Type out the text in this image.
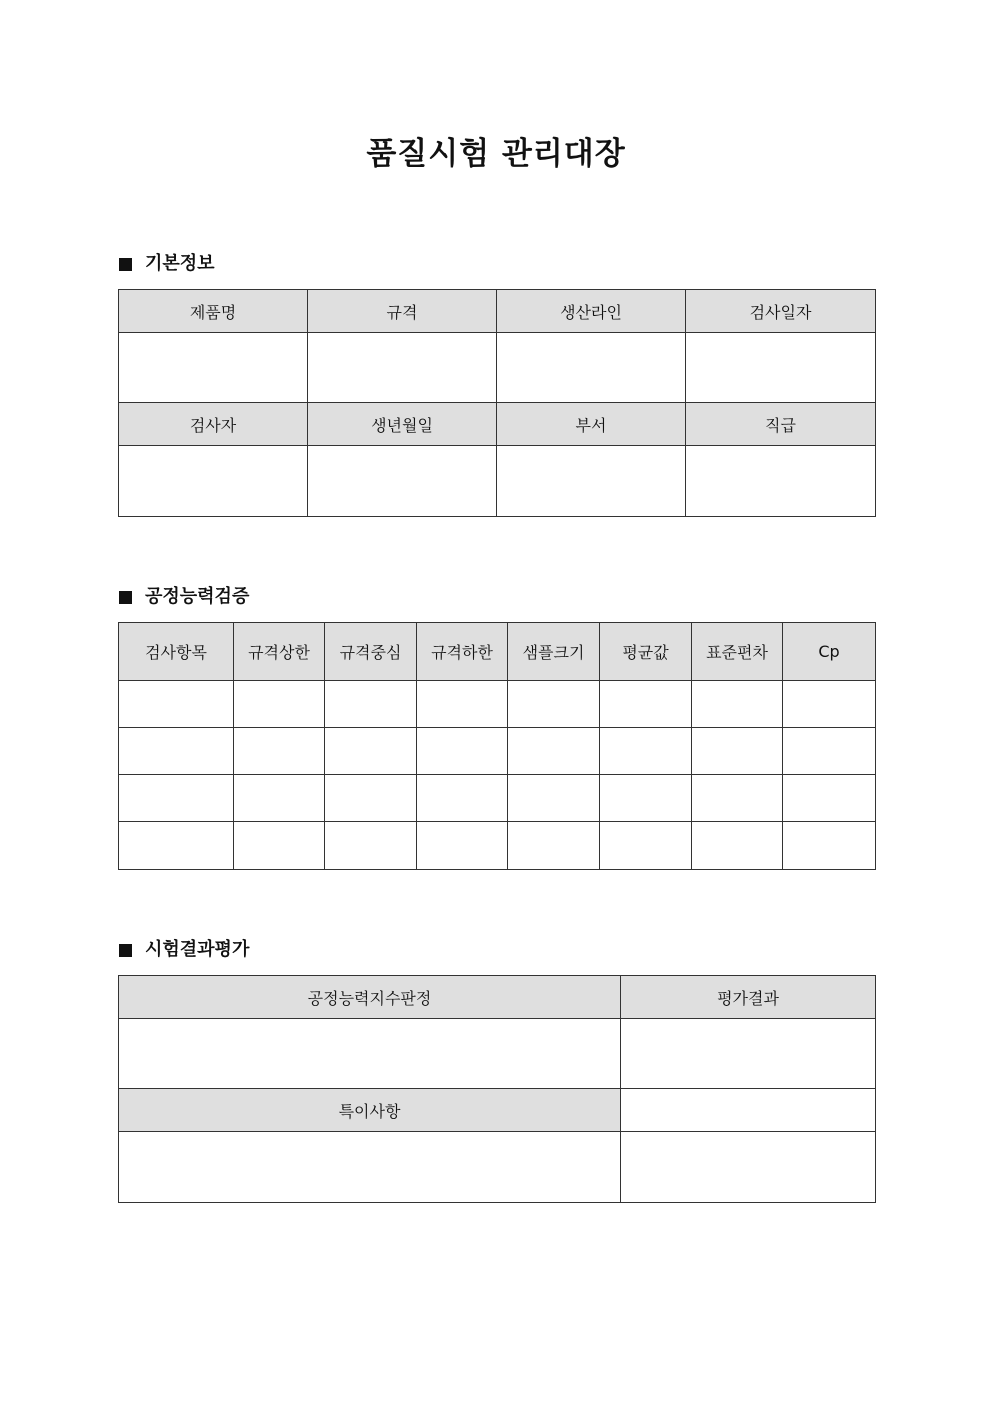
품질시험 관리대장
기본정보
제품명	규격	생산라인	검사일자

검사자	생년월일	부서	직급

공정능력검증
검사항목	규격상한	규격중심	규격하한	샘플크기	평균값	표준편차	Cp

시험결과평가
공정능력지수판정	평가결과

특이사항	
